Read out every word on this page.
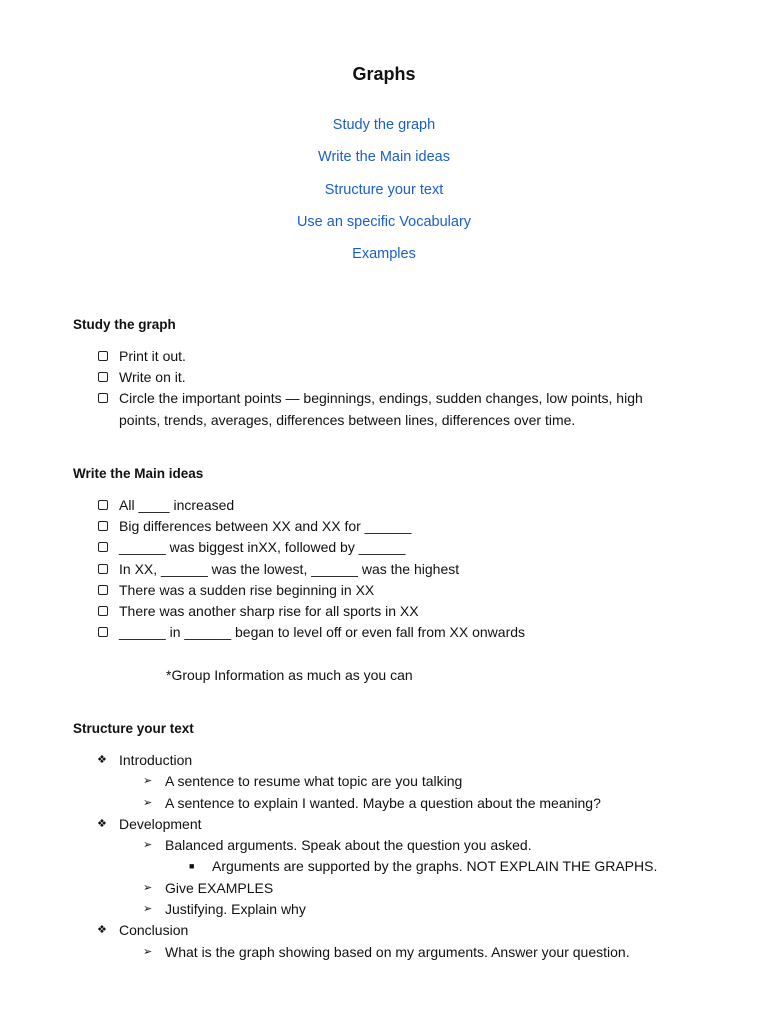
Graphs
Study the graph
Write the Main ideas
Structure your text
Use an specific Vocabulary
Examples
Study the graph
Print it out.
Write on it.
Circle the important points — beginnings, endings, sudden changes, low points, high
points, trends, averages, differences between lines, differences over time.
Write the Main ideas
All ____ increased
Big differences between XX and XX for ______
______ was biggest inXX, followed by ______
In XX, ______ was the lowest, ______ was the highest
There was a sudden rise beginning in XX
There was another sharp rise for all sports in XX
______ in ______ began to level off or even fall from XX onwards
*Group Information as much as you can
Structure your text
❖ Introduction
➢ A sentence to resume what topic are you talking
➢ A sentence to explain I wanted. Maybe a question about the meaning?
❖ Development
➢ Balanced arguments. Speak about the question you asked.
■ Arguments are supported by the graphs. NOT EXPLAIN THE GRAPHS.
➢ Give EXAMPLES
➢ Justifying. Explain why
❖ Conclusion
➢ What is the graph showing based on my arguments. Answer your question.
